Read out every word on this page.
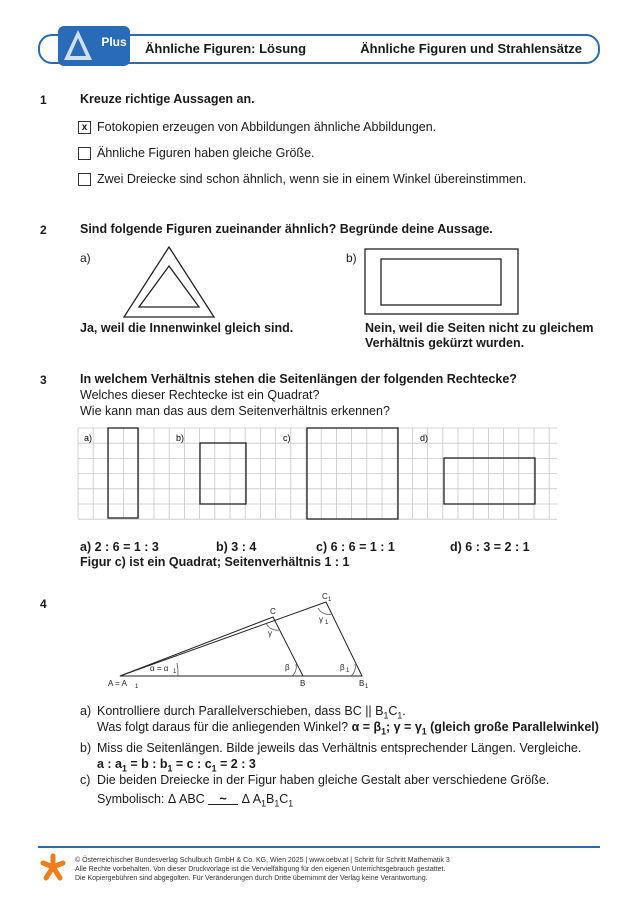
Plus Ähnliche Figuren: Lösung	Ähnliche Figuren und Strahlensätze
1	Kreuze richtige Aussagen an.
x Fotokopien erzeugen von Abbildungen ähnliche Abbildungen.
Ähnliche Figuren haben gleiche Größe.
Zwei Dreiecke sind schon ähnlich, wenn sie in einem Winkel übereinstimmen.
2	Sind folgende Figuren zueinander ähnlich? Begründe deine Aussage.
a)	b)
Ja, weil die Innenwinkel gleich sind.	Nein, weil die Seiten nicht zu gleichem
Verhältnis gekürzt wurden.
3	In welchem Verhältnis stehen die Seitenlängen der folgenden Rechtecke?
Welches dieser Rechtecke ist ein Quadrat?
Wie kann man das aus dem Seitenverhältnis erkennen?
a)	b)	c)	d)
a) 2 : 6 = 1 : 3	b) 3 : 4	c) 6 : 6 = 1 : 1	d) 6 : 3 = 2 : 1
Figur c) ist ein Quadrat; Seitenverhältnis 1 : 1
4
A = A 1
α = α 1
B	B 1
C
C 1
β	β 1
γ
γ 1
a) Kontrolliere durch Parallelverschieben, dass BC || $B_1C_1$.
Was folgt daraus für die anliegenden Winkel? $\alpha = \beta_1$; $\gamma = \gamma_1$ (gleich große Parallelwinkel)
b) Miss die Seitenlängen. Bilde jeweils das Verhältnis entsprechender Längen. Vergleiche.
a : $a_1 = b$ : $b_1 = c$ : $c_1 = 2$ : 3
c) Die beiden Dreiecke in der Figur haben gleiche Gestalt aber verschiedene Größe.
Symbolisch: Δ ABC ~ Δ $A_1B_1C_1$
© Österreichischer Bundesverlag Schulbuch GmbH & Co. KG, Wien 2025 | www.oebv.at | Schritt für Schritt Mathematik 3
Alle Rechte vorbehalten. Von dieser Druckvorlage ist die Vervielfältigung für den eigenen Unterrichtsgebrauch gestattet.
Die Kopiergebühren sind abgegolten. Für Veränderungen durch Dritte übernimmt der Verlag keine Verantwortung.
